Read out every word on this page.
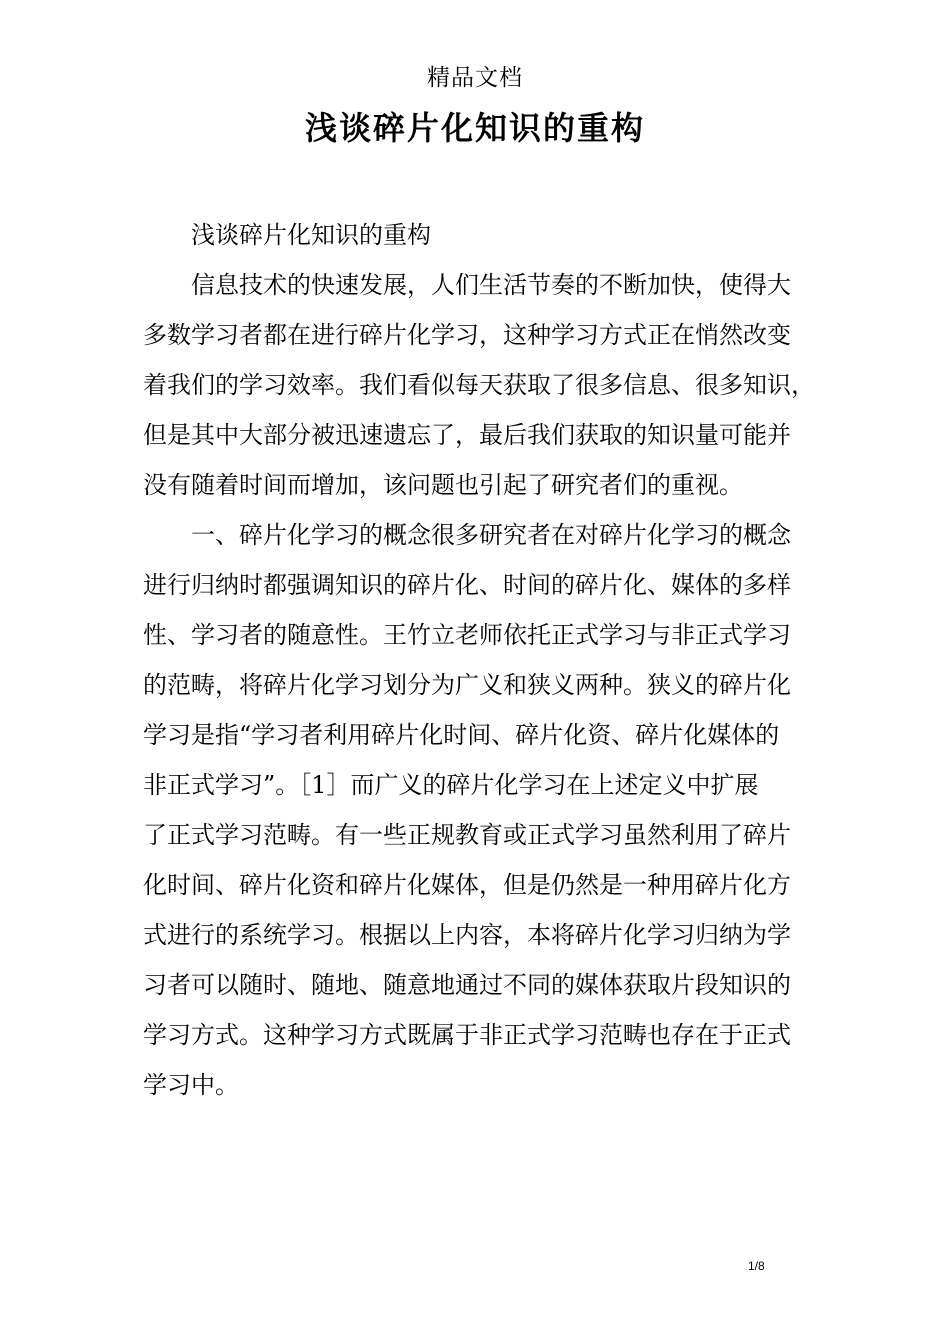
精品文档
浅谈碎片化知识的重构

浅谈碎片化知识的重构

信息技术的快速发展，人们生活节奏的不断加快，使得大

多数学习者都在进行碎片化学习，这种学习方式正在悄然改变

着我们的学习效率。我们看似每天获取了很多信息、很多知识，

但是其中大部分被迅速遗忘了，最后我们获取的知识量可能并

没有随着时间而增加，该问题也引起了研究者们的重视。

一、碎片化学习的概念很多研究者在对碎片化学习的概念

进行归纳时都强调知识的碎片化、时间的碎片化、媒体的多样

性、学习者的随意性。王竹立老师依托正式学习与非正式学习

的范畴，将碎片化学习划分为广义和狭义两种。狭义的碎片化

学习是指“学习者利用碎片化时间、碎片化资、碎片化媒体的

非正式学习”。［1］而广义的碎片化学习在上述定义中扩展

了正式学习范畴。有一些正规教育或正式学习虽然利用了碎片

化时间、碎片化资和碎片化媒体，但是仍然是一种用碎片化方

式进行的系统学习。根据以上内容，本将碎片化学习归纳为学

习者可以随时、随地、随意地通过不同的媒体获取片段知识的

学习方式。这种学习方式既属于非正式学习范畴也存在于正式

学习中。

1/8
